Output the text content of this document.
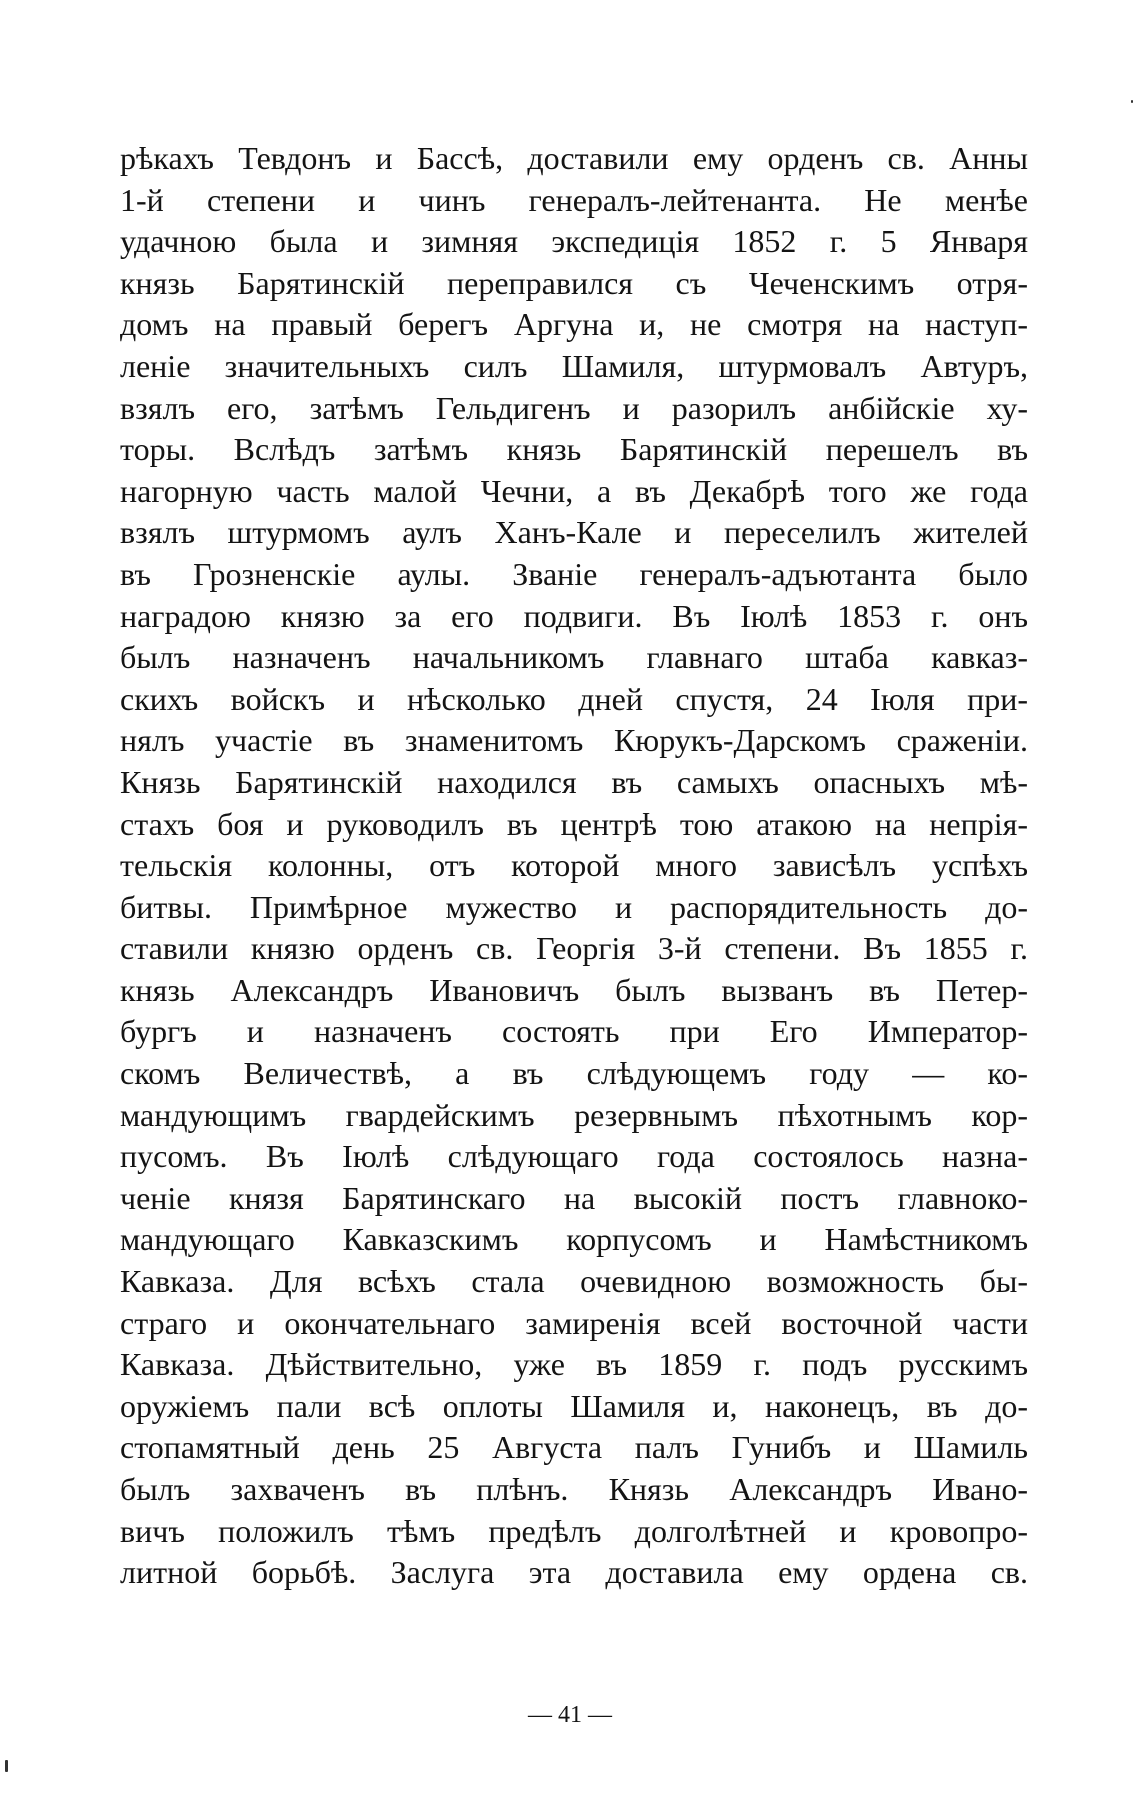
рѣкахъ Тевдонъ и Бассѣ, доставили ему орденъ св. Анны
1-й степени и чинъ генералъ-лейтенанта. Не менѣе
удачною была и зимняя экспедиція 1852 г. 5 Января
князь Барятинскій переправился съ Чеченскимъ отря-
домъ на правый берегъ Аргуна и, не смотря на наступ-
леніе значительныхъ силъ Шамиля, штурмовалъ Автуръ,
взялъ его, затѣмъ Гельдигенъ и разорилъ анбійскіе ху-
торы. Вслѣдъ затѣмъ князь Барятинскій перешелъ въ
нагорную часть малой Чечни, а въ Декабрѣ того же года
взялъ штурмомъ аулъ Ханъ-Кале и переселилъ жителей
въ Грозненскіе аулы. Званіе генералъ-адъютанта было
наградою князю за его подвиги. Въ Іюлѣ 1853 г. онъ
былъ назначенъ начальникомъ главнаго штаба кавказ-
скихъ войскъ и нѣсколько дней спустя, 24 Іюля при-
нялъ участіе въ знаменитомъ Кюрукъ-Дарскомъ сраженіи.
Князь Барятинскій находился въ самыхъ опасныхъ мѣ-
стахъ боя и руководилъ въ центрѣ тою атакою на непрія-
тельскія колонны, отъ которой много зависѣлъ успѣхъ
битвы. Примѣрное мужество и распорядительность до-
ставили князю орденъ св. Георгія 3-й степени. Въ 1855 г.
князь Александръ Ивановичъ былъ вызванъ въ Петер-
бургъ и назначенъ состоять при Его Император-
скомъ Величествѣ, а въ слѣдующемъ году — ко-
мандующимъ гвардейскимъ резервнымъ пѣхотнымъ кор-
пусомъ. Въ Іюлѣ слѣдующаго года состоялось назна-
ченіе князя Барятинскаго на высокій постъ главноко-
мандующаго Кавказскимъ корпусомъ и Намѣстникомъ
Кавказа. Для всѣхъ стала очевидною возможность бы-
страго и окончательнаго замиренія всей восточной части
Кавказа. Дѣйствительно, уже въ 1859 г. подъ русскимъ
оружіемъ пали всѣ оплоты Шамиля и, наконецъ, въ до-
стопамятный день 25 Августа палъ Гунибъ и Шамиль
былъ захваченъ въ плѣнъ. Князь Александръ Ивано-
вичъ положилъ тѣмъ предѣлъ долголѣтней и кровопро-
литной борьбѣ. Заслуга эта доставила ему ордена св.
— 41 —
